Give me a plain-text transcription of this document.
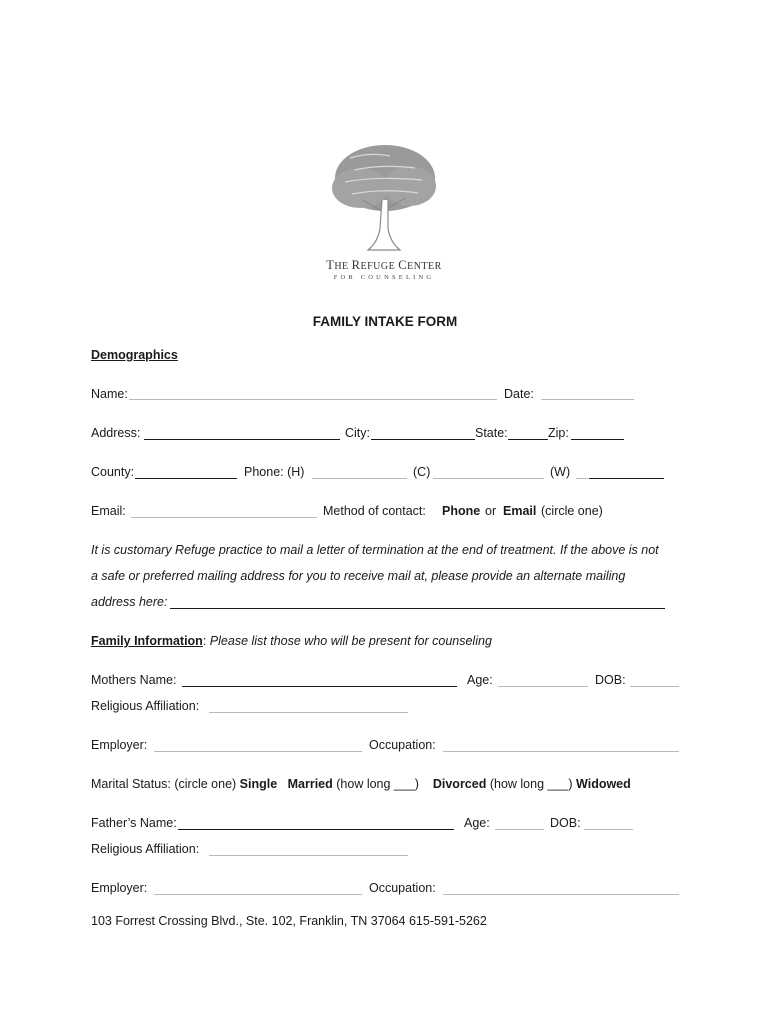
THE REFUGE CENTER
FOR COUNSELING
FAMILY INTAKE FORM
Demographics
Name:	Date:
Address:	City:	State:	Zip:
County:	Phone: (H)	(C)	(W)
Email:	Method of contact: Phone or Email (circle one)
It is customary Refuge practice to mail a letter of termination at the end of treatment. If the above is not
a safe or preferred mailing address for you to receive mail at, please provide an alternate mailing
address here:
Family Information: Please list those who will be present for counseling
Mothers Name:	Age:	DOB:
Religious Affiliation:
Employer:	Occupation:
Marital Status: (circle one) Single Married (how long ___) Divorced (how long ___) Widowed
Father’s Name:	Age:	DOB:
Religious Affiliation:
Employer:	Occupation:
103 Forrest Crossing Blvd., Ste. 102, Franklin, TN 37064 615-591-5262
